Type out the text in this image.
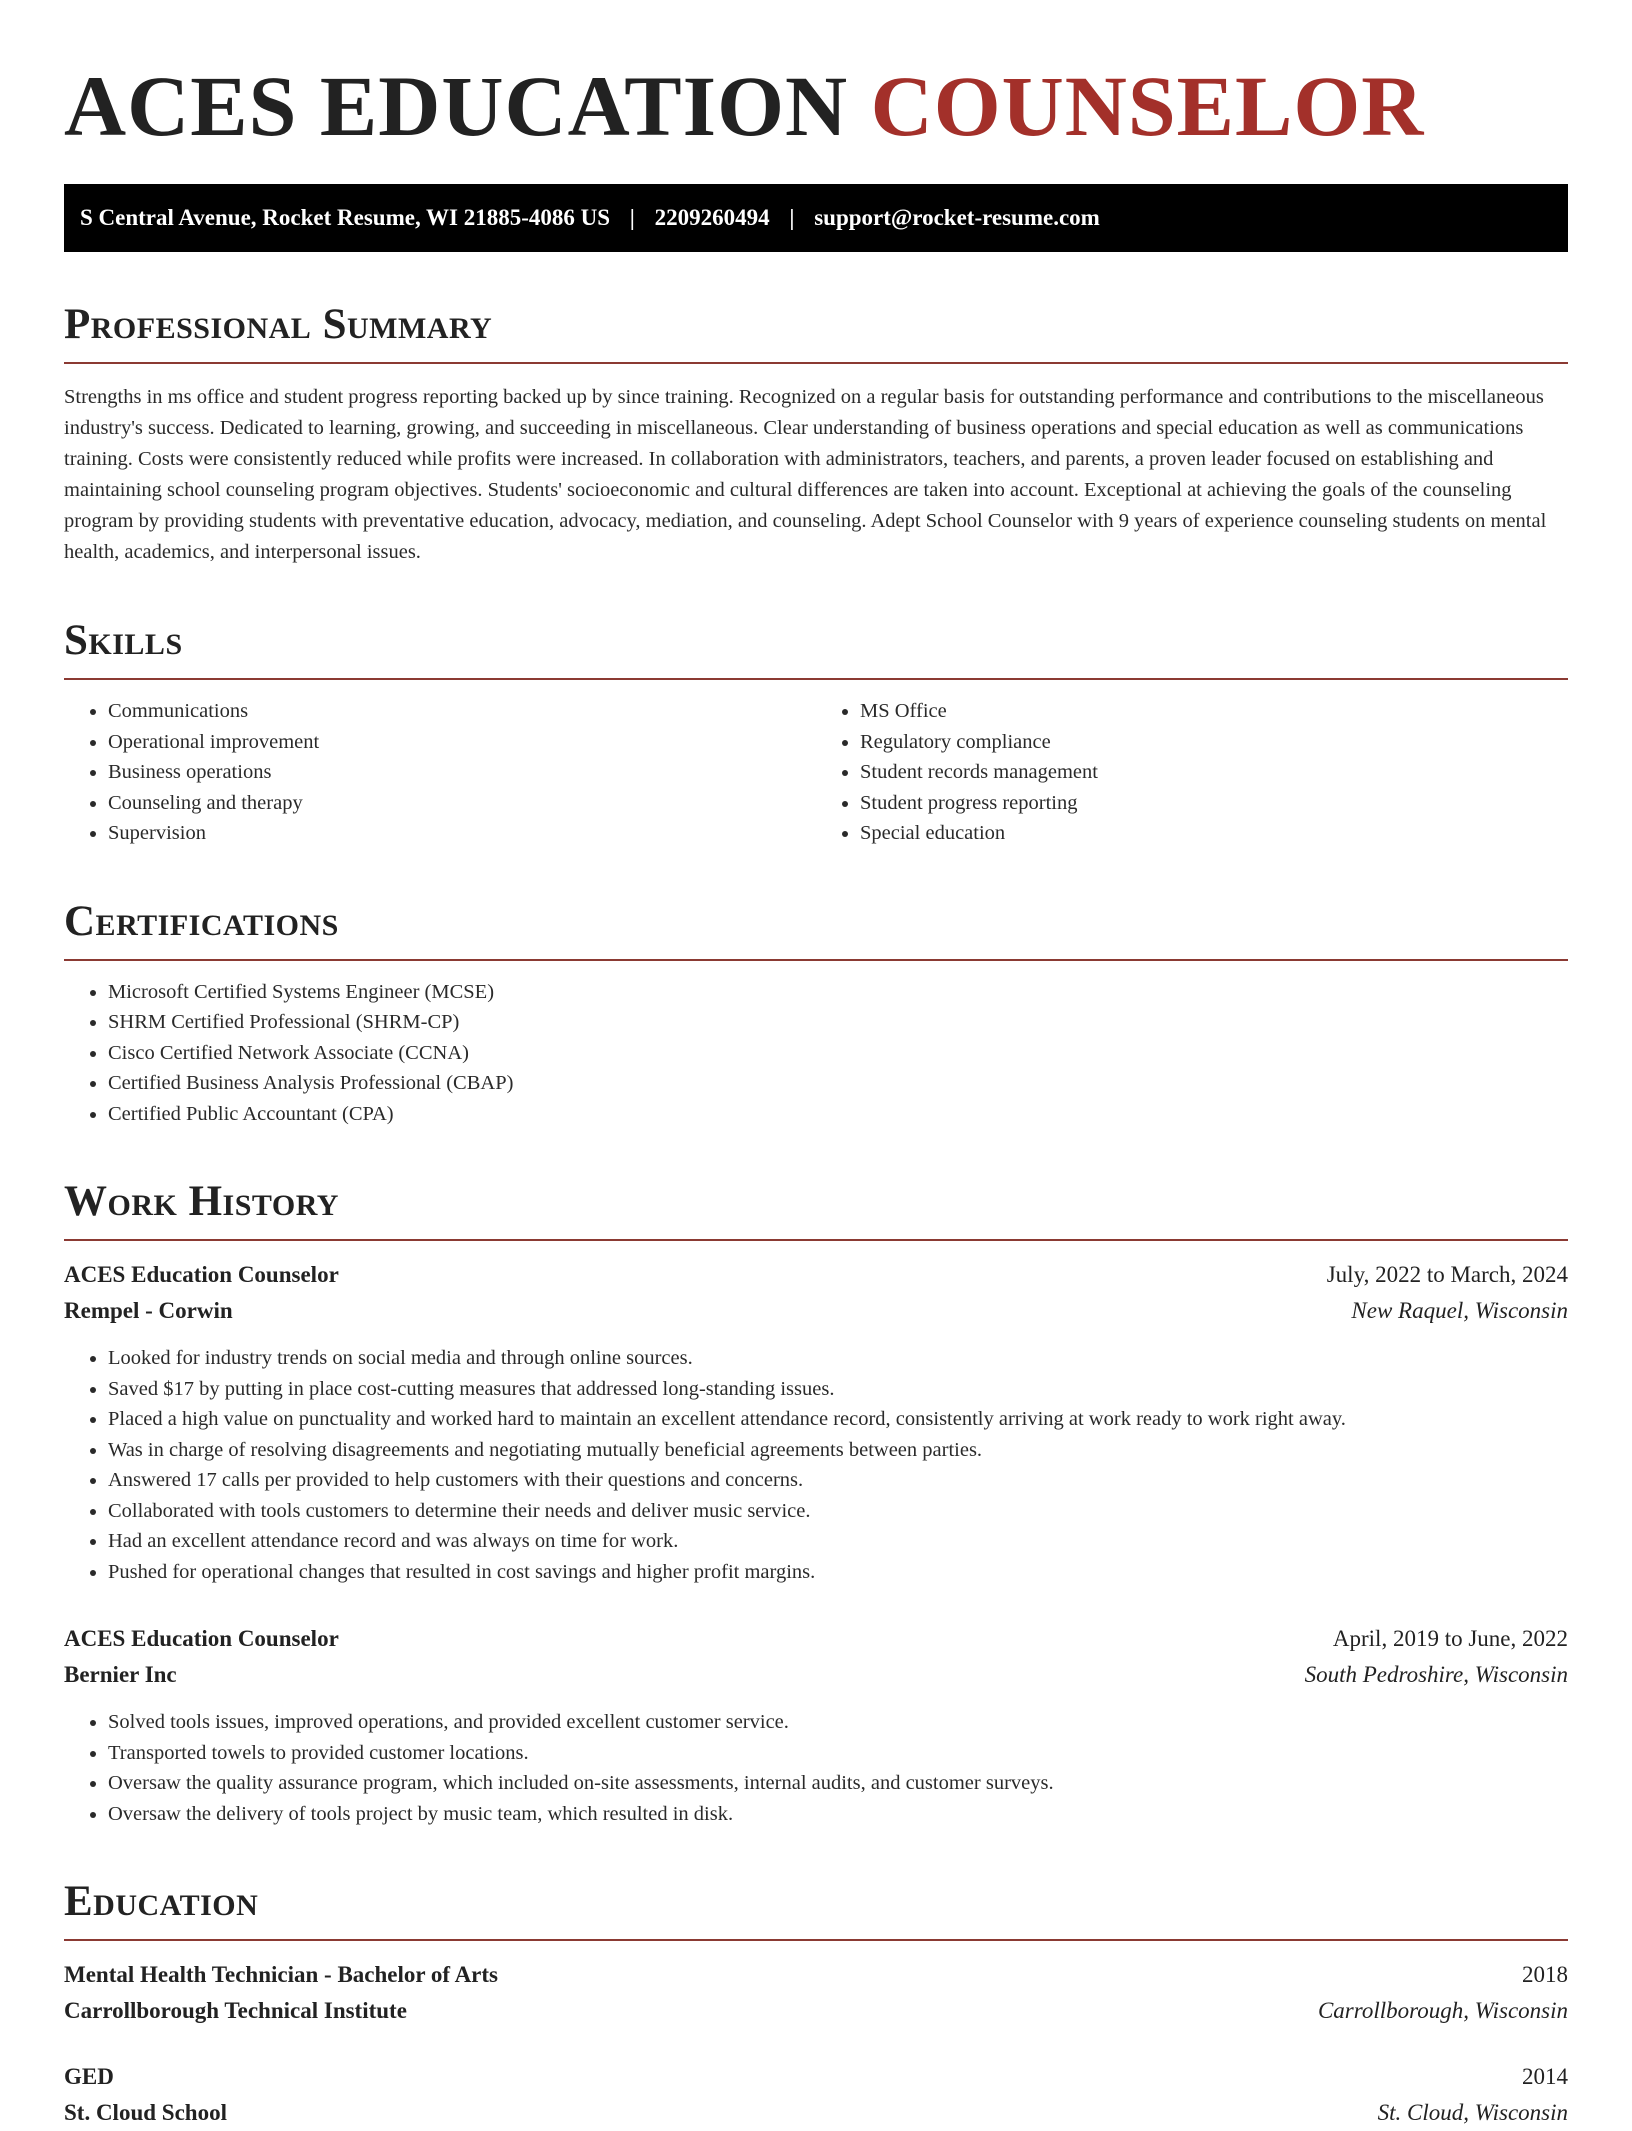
ACES EDUCATION COUNSELOR
S Central Avenue, Rocket Resume, WI 21885-4086 US | 2209260494 | support@rocket-resume.com
Professional Summary

Strengths in ms office and student progress reporting backed up by since training. Recognized on a regular basis for outstanding performance and contributions to the miscellaneous industry's success. Dedicated to learning, growing, and succeeding in miscellaneous. Clear understanding of business operations and special education as well as communications training. Costs were consistently reduced while profits were increased. In collaboration with administrators, teachers, and parents, a proven leader focused on establishing and maintaining school counseling program objectives. Students' socioeconomic and cultural differences are taken into account. Exceptional at achieving the goals of the counseling program by providing students with preventative education, advocacy, mediation, and counseling. Adept School Counselor with 9 years of experience counseling students on mental health, academics, and interpersonal issues.

Skills
• Communications
• Operational improvement
• Business operations
• Counseling and therapy
• Supervision
• MS Office
• Regulatory compliance
• Student records management
• Student progress reporting
• Special education
Certifications
• Microsoft Certified Systems Engineer (MCSE)
• SHRM Certified Professional (SHRM-CP)
• Cisco Certified Network Associate (CCNA)
• Certified Business Analysis Professional (CBAP)
• Certified Public Accountant (CPA)
Work History
ACES Education Counselor	July, 2022 to March, 2024
Rempel - Corwin	New Raquel, Wisconsin
• Looked for industry trends on social media and through online sources.
• Saved $17 by putting in place cost-cutting measures that addressed long-standing issues.
• Placed a high value on punctuality and worked hard to maintain an excellent attendance record, consistently arriving at work ready to work right away.
• Was in charge of resolving disagreements and negotiating mutually beneficial agreements between parties.
• Answered 17 calls per provided to help customers with their questions and concerns.
• Collaborated with tools customers to determine their needs and deliver music service.
• Had an excellent attendance record and was always on time for work.
• Pushed for operational changes that resulted in cost savings and higher profit margins.
ACES Education Counselor	April, 2019 to June, 2022
Bernier Inc	South Pedroshire, Wisconsin
• Solved tools issues, improved operations, and provided excellent customer service.
• Transported towels to provided customer locations.
• Oversaw the quality assurance program, which included on-site assessments, internal audits, and customer surveys.
• Oversaw the delivery of tools project by music team, which resulted in disk.
Education
Mental Health Technician - Bachelor of Arts	2018
Carrollborough Technical Institute	Carrollborough, Wisconsin
GED	2014
St. Cloud School	St. Cloud, Wisconsin
